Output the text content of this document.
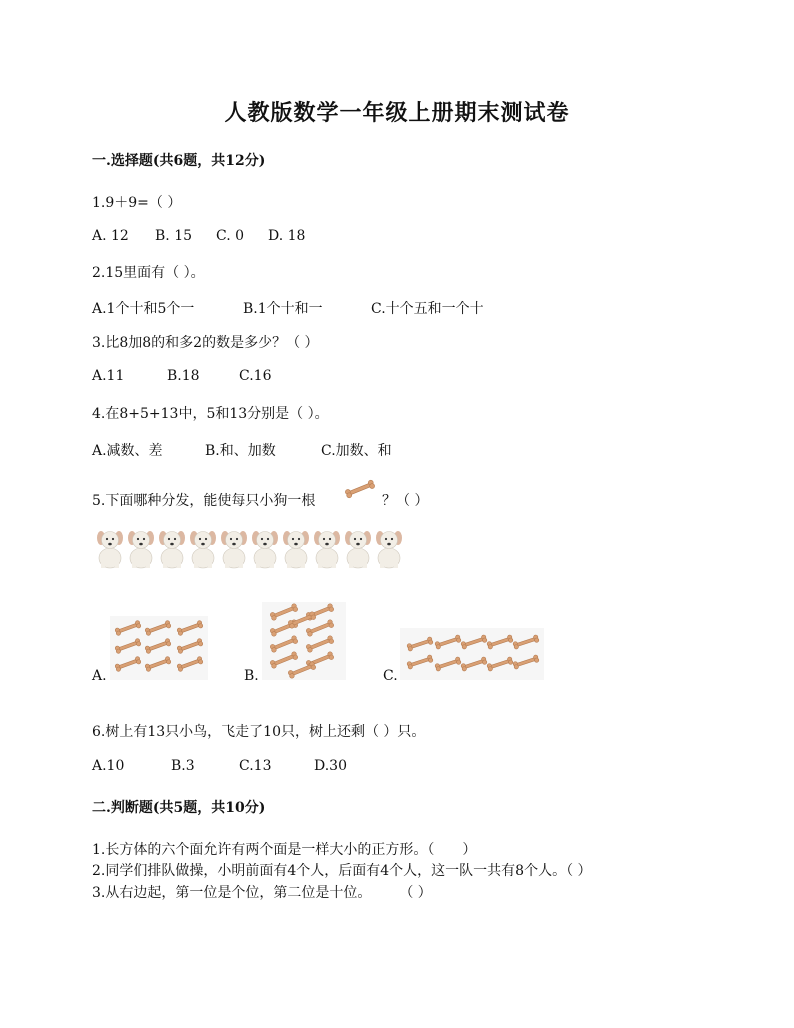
人教版数学一年级上册期末测试卷
一.选择题(共6题，共12分)
1.9＋9=（ ）
A. 12 B. 15 C. 0 D. 18
2.15里面有（ ）。
A.1个十和5个一	B.1个十和一	C.十个五和一个十
3.比8加8的和多2的数是多少？（ ）
A.11	B.18	C.16
4.在8+5+13中，5和13分别是（ ）。
A.减数、差	B.和、加数	C.加数、和
5.下面哪种分发，能使每只小狗一根	？（ ）
A.	B.	C.
6.树上有13只小鸟，飞走了10只，树上还剩（ ）只。
A.10	B.3	C.13	D.30
二.判断题(共5题，共10分)
1.长方体的六个面允许有两个面是一样大小的正方形。（　　）
2.同学们排队做操，小明前面有4个人，后面有4个人，这一队一共有8个人。（ ）
3.从右边起，第一位是个位，第二位是十位。　　　（ ）
